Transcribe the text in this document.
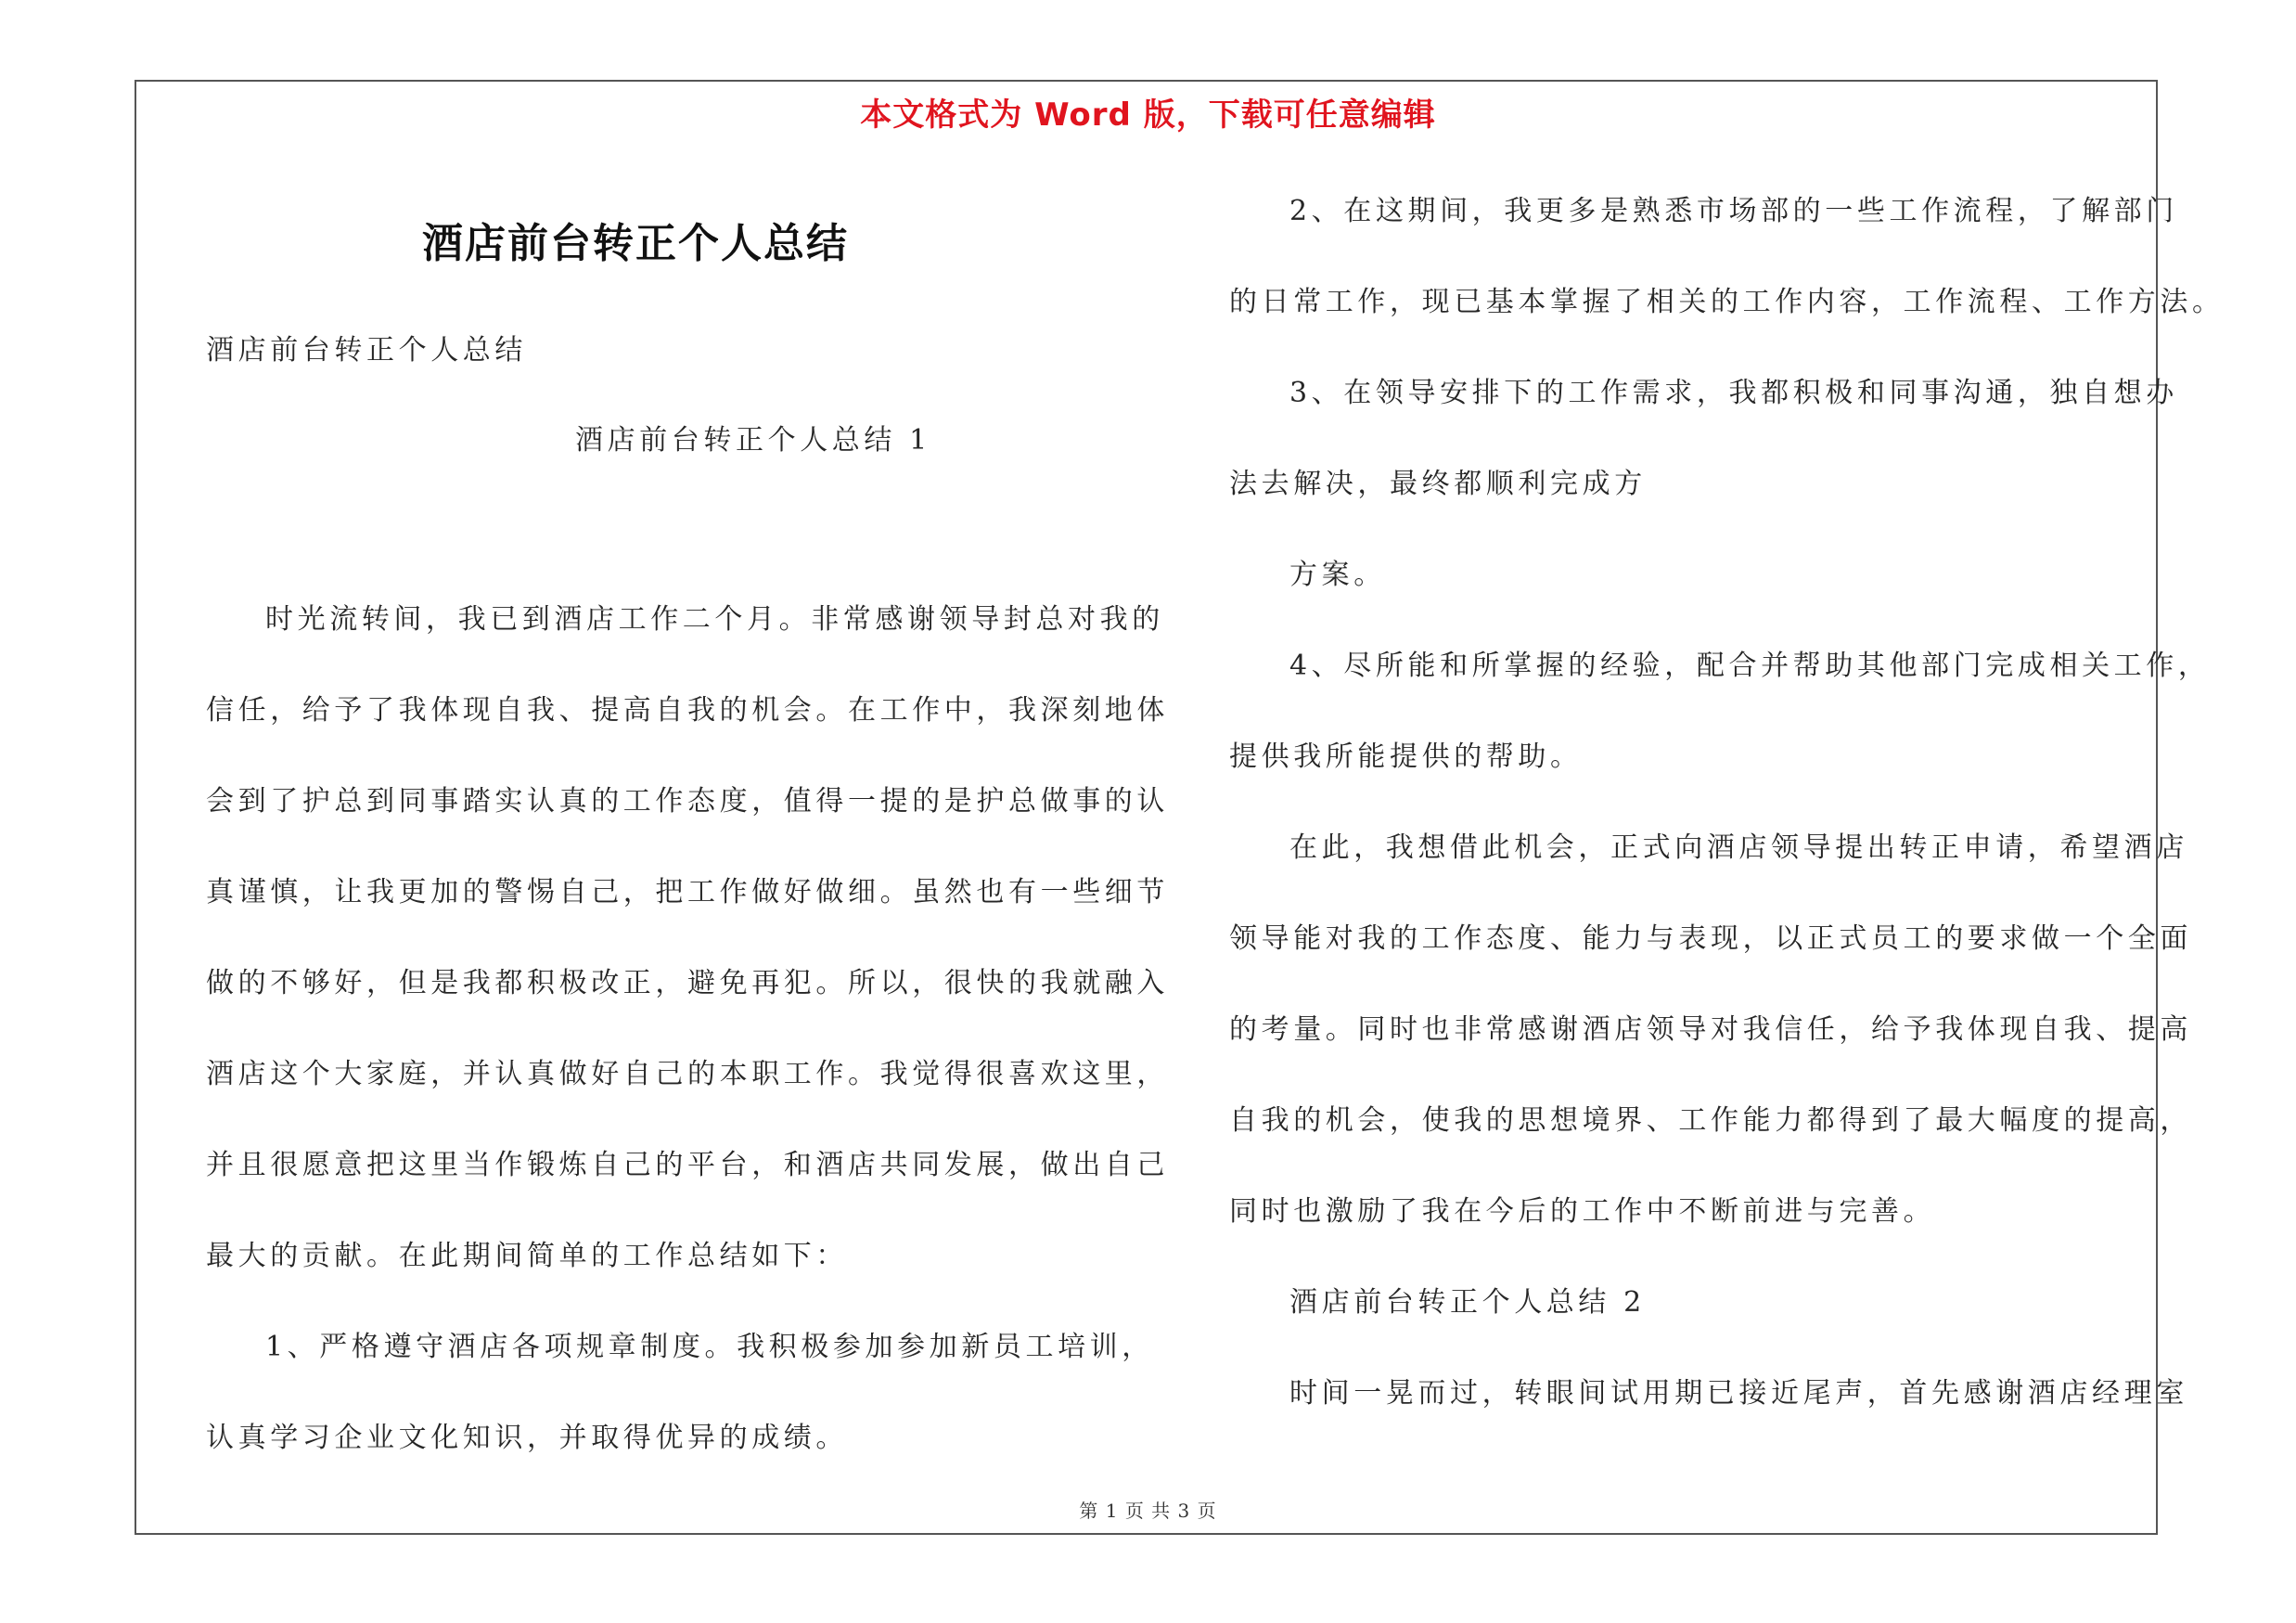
本文格式为 Word 版，下载可任意编辑
酒店前台转正个人总结
酒店前台转正个人总结
酒店前台转正个人总结 1
时光流转间，我已到酒店工作二个月。非常感谢领导封总对我的
信任，给予了我体现自我、提高自我的机会。在工作中，我深刻地体
会到了护总到同事踏实认真的工作态度，值得一提的是护总做事的认
真谨慎，让我更加的警惕自己，把工作做好做细。虽然也有一些细节
做的不够好，但是我都积极改正，避免再犯。所以，很快的我就融入
酒店这个大家庭，并认真做好自己的本职工作。我觉得很喜欢这里，
并且很愿意把这里当作锻炼自己的平台，和酒店共同发展，做出自己
最大的贡献。在此期间简单的工作总结如下：
1、严格遵守酒店各项规章制度。我积极参加参加新员工培训，
认真学习企业文化知识，并取得优异的成绩。
2、在这期间，我更多是熟悉市场部的一些工作流程，了解部门
的日常工作，现已基本掌握了相关的工作内容，工作流程、工作方法。
3、在领导安排下的工作需求，我都积极和同事沟通，独自想办
法去解决，最终都顺利完成方
方案。
4、尽所能和所掌握的经验，配合并帮助其他部门完成相关工作，
提供我所能提供的帮助。
在此，我想借此机会，正式向酒店领导提出转正申请，希望酒店
领导能对我的工作态度、能力与表现，以正式员工的要求做一个全面
的考量。同时也非常感谢酒店领导对我信任，给予我体现自我、提高
自我的机会，使我的思想境界、工作能力都得到了最大幅度的提高，
同时也激励了我在今后的工作中不断前进与完善。
酒店前台转正个人总结 2
时间一晃而过，转眼间试用期已接近尾声，首先感谢酒店经理室
第 1 页 共 3 页
